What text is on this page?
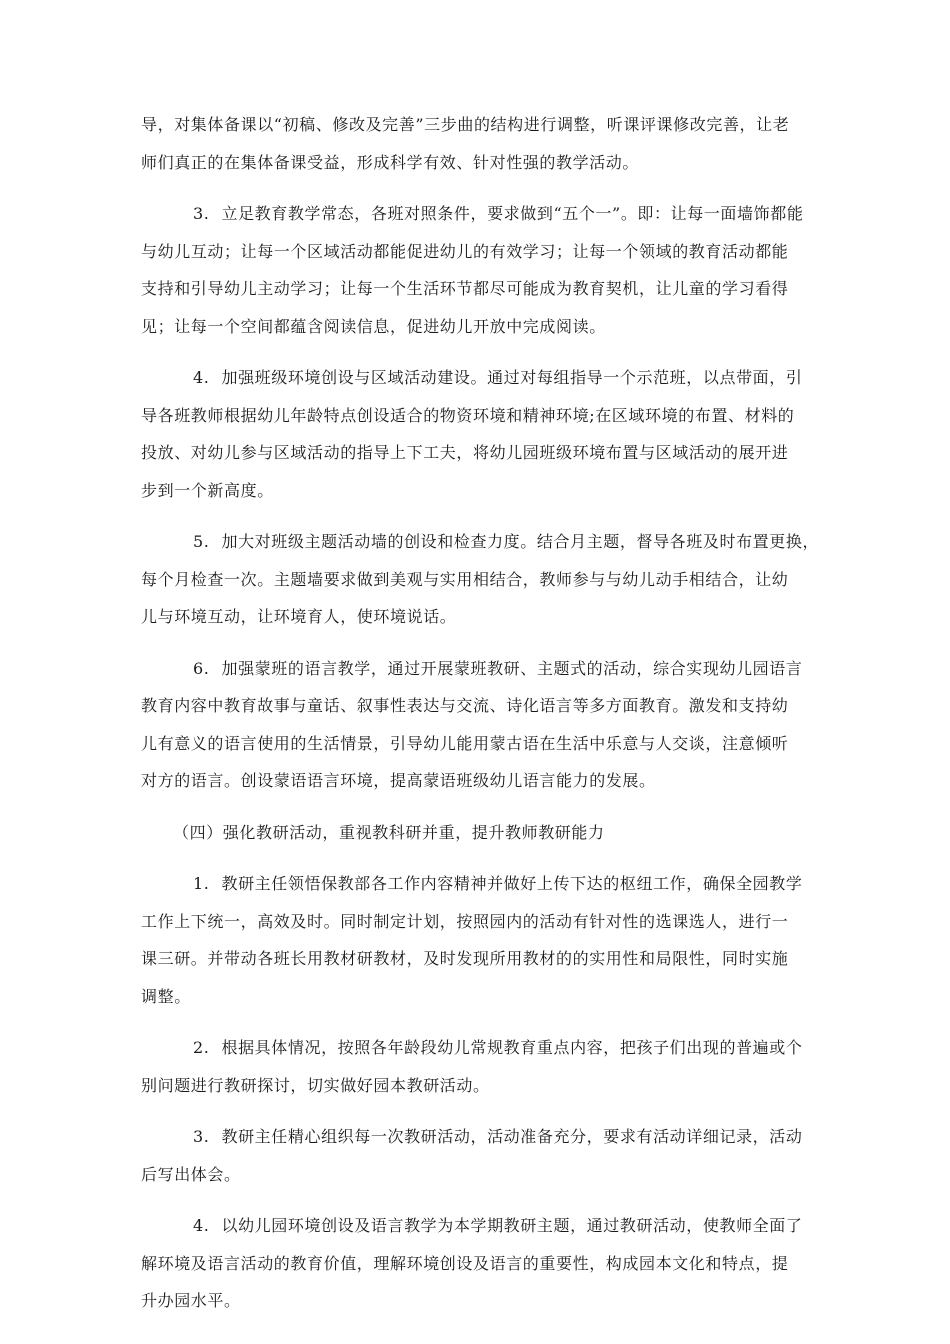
导，对集体备课以“初稿、修改及完善”三步曲的结构进行调整，听课评课修改完善，让老
师们真正的在集体备课受益，形成科学有效、针对性强的教学活动。
3. 立足教育教学常态，各班对照条件，要求做到“五个一”。即：让每一面墙饰都能
与幼儿互动；让每一个区域活动都能促进幼儿的有效学习；让每一个领域的教育活动都能
支持和引导幼儿主动学习；让每一个生活环节都尽可能成为教育契机，让儿童的学习看得
见；让每一个空间都蕴含阅读信息，促进幼儿开放中完成阅读。
4. 加强班级环境创设与区域活动建设。通过对每组指导一个示范班，以点带面，引
导各班教师根据幼儿年龄特点创设适合的物资环境和精神环境;在区域环境的布置、材料的
投放、对幼儿参与区域活动的指导上下工夫，将幼儿园班级环境布置与区域活动的展开进
步到一个新高度。
5. 加大对班级主题活动墙的创设和检查力度。结合月主题，督导各班及时布置更换，
每个月检查一次。主题墙要求做到美观与实用相结合，教师参与与幼儿动手相结合，让幼
儿与环境互动，让环境育人，使环境说话。
6. 加强蒙班的语言教学，通过开展蒙班教研、主题式的活动，综合实现幼儿园语言
教育内容中教育故事与童话、叙事性表达与交流、诗化语言等多方面教育。激发和支持幼
儿有意义的语言使用的生活情景，引导幼儿能用蒙古语在生活中乐意与人交谈，注意倾听
对方的语言。创设蒙语语言环境，提高蒙语班级幼儿语言能力的发展。
（四）强化教研活动，重视教科研并重，提升教师教研能力
1. 教研主任领悟保教部各工作内容精神并做好上传下达的枢纽工作，确保全园教学
工作上下统一，高效及时。同时制定计划，按照园内的活动有针对性的选课选人，进行一
课三研。并带动各班长用教材研教材，及时发现所用教材的的实用性和局限性，同时实施
调整。
2. 根据具体情况，按照各年龄段幼儿常规教育重点内容，把孩子们出现的普遍或个
别问题进行教研探讨，切实做好园本教研活动。
3. 教研主任精心组织每一次教研活动，活动准备充分，要求有活动详细记录，活动
后写出体会。
4. 以幼儿园环境创设及语言教学为本学期教研主题，通过教研活动，使教师全面了
解环境及语言活动的教育价值，理解环境创设及语言的重要性，构成园本文化和特点，提
升办园水平。
